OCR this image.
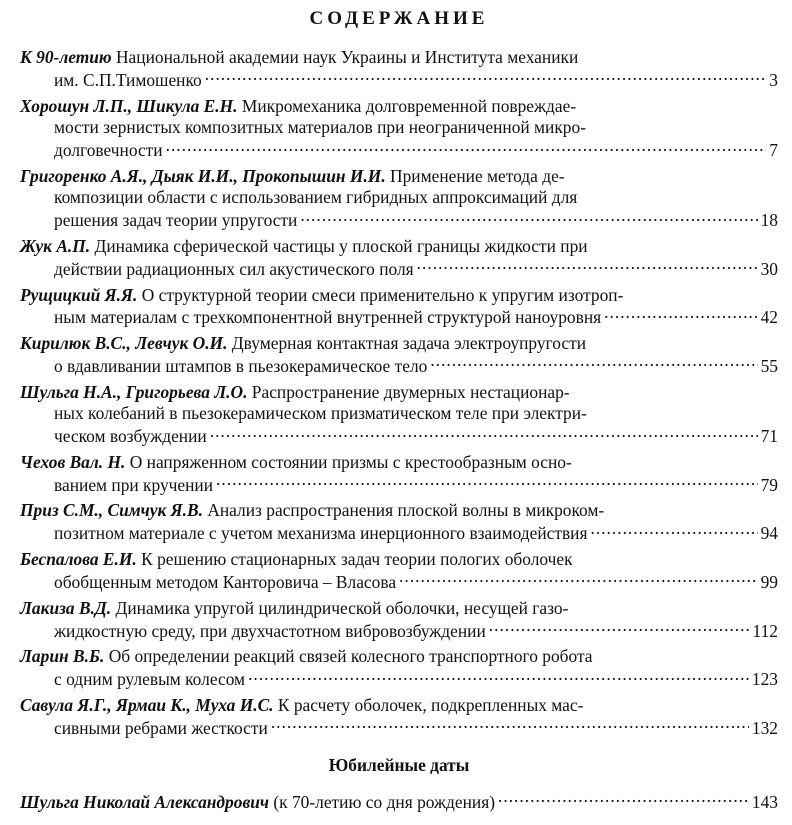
СОДЕРЖАНИЕ
К 90-летию
Национальной академии наук Украины и Института механики
им. С.П.Тимошенко .....	3
Хорошун Л.П., Шикула Е.Н.
Микромеханика долговременной повреждае-
мости зернистых композитных материалов при неограниченной микро-
долговечности .....	7
Григоренко А.Я., Дыяк И.И., Прокопышин И.И.
Применение метода де-
композиции области с использованием гибридных аппроксимаций для
решения задач теории упругости .....	18
Жук А.П.
Динамика сферической частицы у плоской границы жидкости при
действии радиационных сил акустического поля .....	30
Рущицкий Я.Я.
О структурной теории смеси применительно к упругим изотроп-
ным материалам с трехкомпонентной внутренней структурой наноуровня .....	42
Кирилюк В.С., Левчук О.И.
Двумерная контактная задача электроупругости
о вдавливании штампов в пьезокерамическое тело .....	55
Шульга Н.А., Григорьева Л.О.
Распространение двумерных нестационар-
ных колебаний в пьезокерамическом призматическом теле при электри-
ческом возбуждении .....	71
Чехов Вал. Н.
О напряженном состоянии призмы с крестообразным осно-
ванием при кручении .....	79
Приз С.М., Симчук Я.В.
Анализ распространения плоской волны в микроком-
позитном материале с учетом механизма инерционного взаимодействия .....	94
Беспалова Е.И.
К решению стационарных задач теории пологих оболочек
обобщенным методом Канторовича – Власова .....	99
Лакиза В.Д.
Динамика упругой цилиндрической оболочки, несущей газо-
жидкостную среду, при двухчастотном вибровозбуждении .....	112
Ларин В.Б.
Об определении реакций связей колесного транспортного робота
с одним рулевым колесом .....	123
Савула Я.Г., Ярмаи К., Муха И.С.
К расчету оболочек, подкрепленных мас-
сивными ребрами жесткости .....	132
Юбилейные даты
Шульга Николай Александрович
(к 70-летию со дня рождения) .....	143
